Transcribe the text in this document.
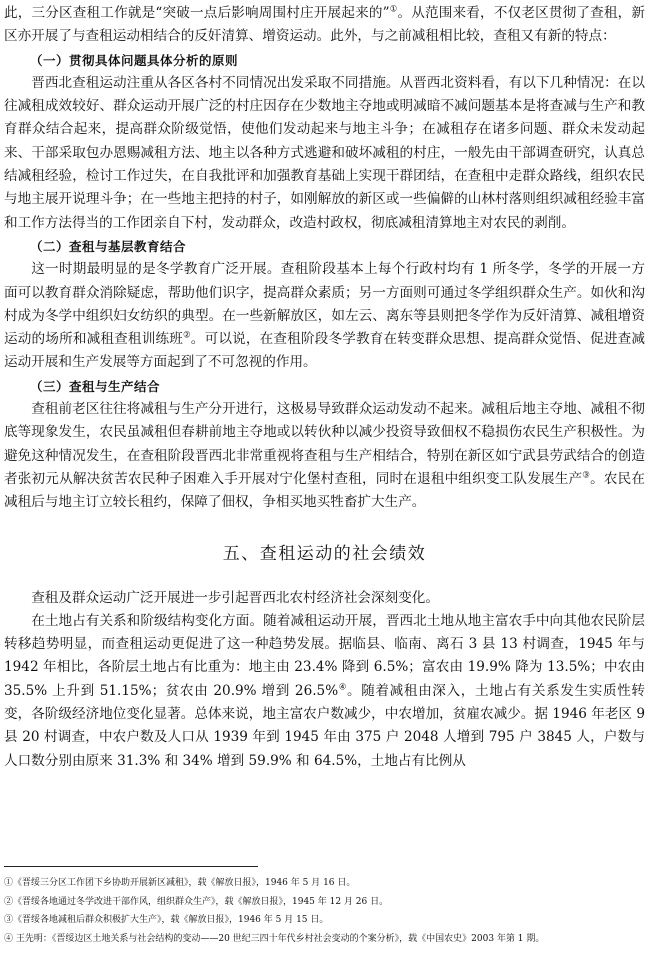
此，三分区查租工作就是“突破一点后影响周围村庄开展起来的”①。从范围来看，不仅老区贯彻了查租，新区亦开展了与查租运动相结合的反奸清算、增资运动。此外，与之前减租相比较，查租又有新的特点：

（一）贯彻具体问题具体分析的原则

晋西北查租运动注重从各区各村不同情况出发采取不同措施。从晋西北资料看，有以下几种情况：在以往减租成效较好、群众运动开展广泛的村庄因存在少数地主夺地或明减暗不减问题基本是将查减与生产和教育群众结合起来，提高群众阶级觉悟，使他们发动起来与地主斗争；在减租存在诸多问题、群众未发动起来、干部采取包办恩赐减租方法、地主以各种方式逃避和破坏减租的村庄，一般先由干部调查研究，认真总结减租经验，检讨工作过失，在自我批评和加强教育基础上实现干群团结，在查租中走群众路线，组织农民与地主展开说理斗争；在一些地主把持的村子，如刚解放的新区或一些偏僻的山林村落则组织减租经验丰富和工作方法得当的工作团亲自下村，发动群众，改造村政权，彻底减租清算地主对农民的剥削。

（二）查租与基层教育结合

这一时期最明显的是冬学教育广泛开展。查租阶段基本上每个行政村均有 1 所冬学，冬学的开展一方面可以教育群众消除疑虑，帮助他们识字，提高群众素质；另一方面则可通过冬学组织群众生产。如伙和沟村成为冬学中组织妇女纺织的典型。在一些新解放区，如左云、离东等县则把冬学作为反奸清算、减租增资运动的场所和减租查租训练班②。可以说，在查租阶段冬学教育在转变群众思想、提高群众觉悟、促进查减运动开展和生产发展等方面起到了不可忽视的作用。

（三）查租与生产结合

查租前老区往往将减租与生产分开进行，这极易导致群众运动发动不起来。减租后地主夺地、减租不彻底等现象发生，农民虽减租但春耕前地主夺地或以转伙种以减少投资导致佃权不稳损伤农民生产积极性。为避免这种情况发生，在查租阶段晋西北非常重视将查租与生产相结合，特别在新区如宁武县劳武结合的创造者张初元从解决贫苦农民种子困难入手开展对宁化堡村查租，同时在退租中组织变工队发展生产③。农民在减租后与地主订立较长租约，保障了佃权，争相买地买牲畜扩大生产。

五、查租运动的社会绩效

查租及群众运动广泛开展进一步引起晋西北农村经济社会深刻变化。

在土地占有关系和阶级结构变化方面。随着减租运动开展，晋西北土地从地主富农手中向其他农民阶层转移趋势明显，而查租运动更促进了这一种趋势发展。据临县、临南、离石 3 县 13 村调查，1945 年与 1942 年相比，各阶层土地占有比重为：地主由 23.4% 降到 6.5%；富农由 19.9% 降为 13.5%；中农由 35.5% 上升到 51.15%；贫农由 20.9% 增到 26.5%④。随着减租由深入，土地占有关系发生实质性转变，各阶级经济地位变化显著。总体来说，地主富农户数减少，中农增加，贫雇农减少。据 1946 年老区 9 县 20 村调查，中农户数及人口从 1939 年到 1945 年由 375 户 2048 人增到 795 户 3845 人，户数与人口数分别由原来 31.3% 和 34% 增到 59.9% 和 64.5%，土地占有比例从

①《晋绥三分区工作团下乡协助开展新区减租》，载《解放日报》，1946 年 5 月 16 日。

②《晋绥各地通过冬学改进干部作风，组织群众生产》，载《解放日报》，1945 年 12 月 26 日。

③《晋绥各地减租后群众积极扩大生产》，载《解放日报》，1946 年 5 月 15 日。

④ 王先明：《晋绥边区土地关系与社会结构的变动——20 世纪三四十年代乡村社会变动的个案分析》，载《中国农史》2003 年第 1 期。
